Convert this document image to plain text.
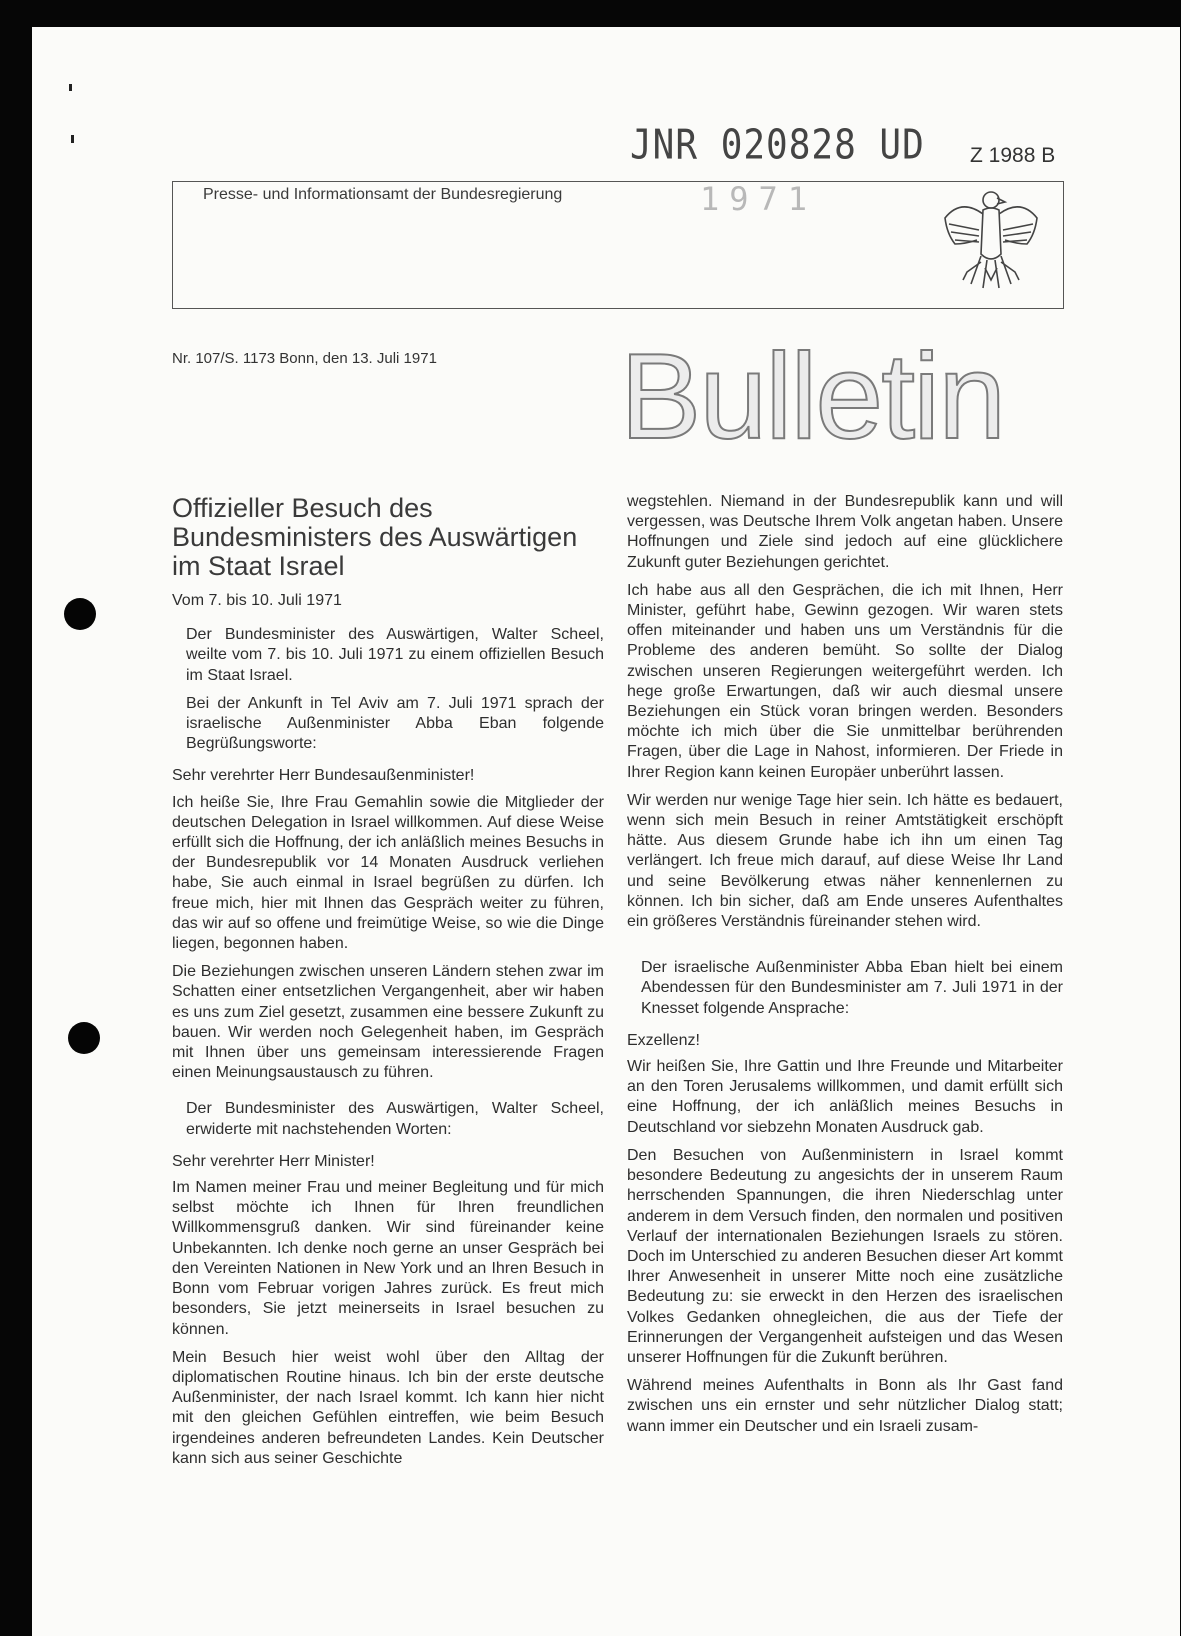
JNR 020828 UD Z 1988 B
Presse- und Informationsamt der Bundesregierung	1971
Nr. 107/S. 1173 Bonn, den 13. Juli 1971 Bulletin
Offizieller Besuch des Bundesministers des Auswärtigen im Staat Israel

Vom 7. bis 10. Juli 1971

Der Bundesminister des Auswärtigen, Walter Scheel, weilte vom 7. bis 10. Juli 1971 zu einem offiziellen Besuch im Staat Israel.

Bei der Ankunft in Tel Aviv am 7. Juli 1971 sprach der israelische Außenminister Abba Eban folgende Begrüßungsworte:

Sehr verehrter Herr Bundesaußenminister!

Ich heiße Sie, Ihre Frau Gemahlin sowie die Mitglieder der deutschen Delegation in Israel willkommen. Auf diese Weise erfüllt sich die Hoffnung, der ich anläßlich meines Besuchs in der Bundesrepublik vor 14 Monaten Ausdruck verliehen habe, Sie auch einmal in Israel begrüßen zu dürfen. Ich freue mich, hier mit Ihnen das Gespräch weiter zu führen, das wir auf so offene und freimütige Weise, so wie die Dinge liegen, begonnen haben.

Die Beziehungen zwischen unseren Ländern stehen zwar im Schatten einer entsetzlichen Vergangenheit, aber wir haben es uns zum Ziel gesetzt, zusammen eine bessere Zukunft zu bauen. Wir werden noch Gelegenheit haben, im Gespräch mit Ihnen über uns gemeinsam interessierende Fragen einen Meinungsaustausch zu führen.

Der Bundesminister des Auswärtigen, Walter Scheel, erwiderte mit nachstehenden Worten:

Sehr verehrter Herr Minister!

Im Namen meiner Frau und meiner Begleitung und für mich selbst möchte ich Ihnen für Ihren freundlichen Willkommensgruß danken. Wir sind füreinander keine Unbekannten. Ich denke noch gerne an unser Gespräch bei den Vereinten Nationen in New York und an Ihren Besuch in Bonn vom Februar vorigen Jahres zurück. Es freut mich besonders, Sie jetzt meinerseits in Israel besuchen zu können.

Mein Besuch hier weist wohl über den Alltag der diplomatischen Routine hinaus. Ich bin der erste deutsche Außenminister, der nach Israel kommt. Ich kann hier nicht mit den gleichen Gefühlen eintreffen, wie beim Besuch irgendeines anderen befreundeten Landes. Kein Deutscher kann sich aus seiner Geschichte

wegstehlen. Niemand in der Bundesrepublik kann und will vergessen, was Deutsche Ihrem Volk angetan haben. Unsere Hoffnungen und Ziele sind jedoch auf eine glücklichere Zukunft guter Beziehungen gerichtet.

Ich habe aus all den Gesprächen, die ich mit Ihnen, Herr Minister, geführt habe, Gewinn gezogen. Wir waren stets offen miteinander und haben uns um Verständnis für die Probleme des anderen bemüht. So sollte der Dialog zwischen unseren Regierungen weitergeführt werden. Ich hege große Erwartungen, daß wir auch diesmal unsere Beziehungen ein Stück voran bringen werden. Besonders möchte ich mich über die Sie unmittelbar berührenden Fragen, über die Lage in Nahost, informieren. Der Friede in Ihrer Region kann keinen Europäer unberührt lassen.

Wir werden nur wenige Tage hier sein. Ich hätte es bedauert, wenn sich mein Besuch in reiner Amtstätigkeit erschöpft hätte. Aus diesem Grunde habe ich ihn um einen Tag verlängert. Ich freue mich darauf, auf diese Weise Ihr Land und seine Bevölkerung etwas näher kennenlernen zu können. Ich bin sicher, daß am Ende unseres Aufenthaltes ein größeres Verständnis füreinander stehen wird.

Der israelische Außenminister Abba Eban hielt bei einem Abendessen für den Bundesminister am 7. Juli 1971 in der Knesset folgende Ansprache:

Exzellenz!

Wir heißen Sie, Ihre Gattin und Ihre Freunde und Mitarbeiter an den Toren Jerusalems willkommen, und damit erfüllt sich eine Hoffnung, der ich anläßlich meines Besuchs in Deutschland vor siebzehn Monaten Ausdruck gab.

Den Besuchen von Außenministern in Israel kommt besondere Bedeutung zu angesichts der in unserem Raum herrschenden Spannungen, die ihren Niederschlag unter anderem in dem Versuch finden, den normalen und positiven Verlauf der internationalen Beziehungen Israels zu stören. Doch im Unterschied zu anderen Besuchen dieser Art kommt Ihrer Anwesenheit in unserer Mitte noch eine zusätzliche Bedeutung zu: sie erweckt in den Herzen des israelischen Volkes Gedanken ohnegleichen, die aus der Tiefe der Erinnerungen der Vergangenheit aufsteigen und das Wesen unserer Hoffnungen für die Zukunft berühren.

Während meines Aufenthalts in Bonn als Ihr Gast fand zwischen uns ein ernster und sehr nützlicher Dialog statt; wann immer ein Deutscher und ein Israeli zusam-
